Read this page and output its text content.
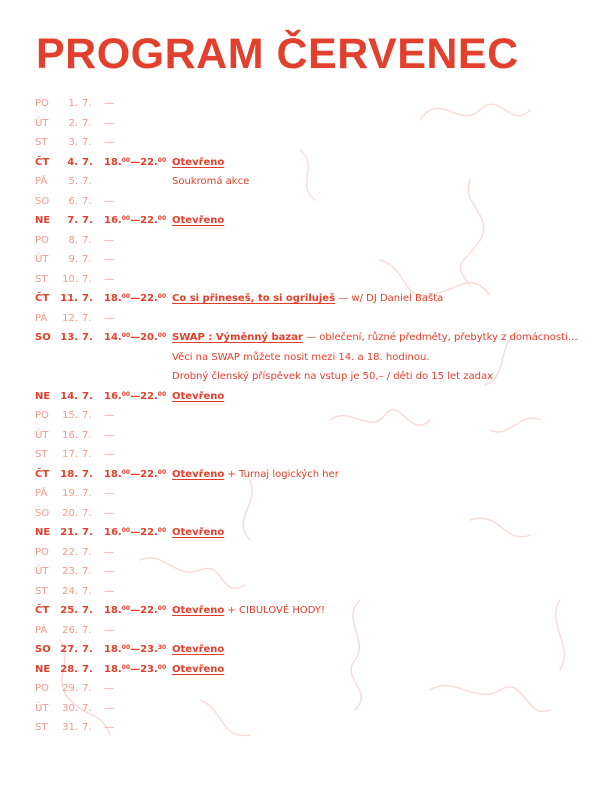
PROGRAM ČERVENEC
PO	1. 7. —
ÚT	2. 7. —
ST	3. 7. —
ČT	4. 7. 18.00—22.00 Otevřeno
PÁ	5. 7.	Soukromá akce
SO	6. 7. —
NE	7. 7. 16.00—22.00 Otevřeno
PO	8. 7. —
ÚT	9. 7. —
ST	10. 7. —
ČT	11. 7. 18.00—22.00 Co si přineseš, to si ogriluješ — w/ DJ Daniel Bašta
PÁ	12. 7. —
SO 13. 7. 14.00—20.00 SWAP : Výměnný bazar — oblečení, různé předměty, přebytky z domácnosti…
Věci na SWAP můžete nosit mezi 14. a 18. hodinou.
Drobný členský příspěvek na vstup je 50,– / děti do 15 let zadax
NE	14. 7. 16.00—22.00 Otevřeno
PO	15. 7. —
ÚT	16. 7. —
ST	17. 7. —
ČT	18. 7. 18.00—22.00 Otevřeno + Turnaj logických her
PÁ	19. 7. —
SO	20. 7. —
NE	21. 7. 16.00—22.00 Otevřeno
PO	22. 7. —
ÚT	23. 7. —
ST	24. 7. —
ČT	25. 7. 18.00—22.00 Otevřeno + CIBULOVÉ HODY!
PÁ	26. 7. —
SO 27. 7. 18.00—23.30 Otevřeno
NE	28. 7. 18.00—23.00 Otevřeno
PO	29. 7. —
ÚT	30. 7. —
ST	31. 7. —
